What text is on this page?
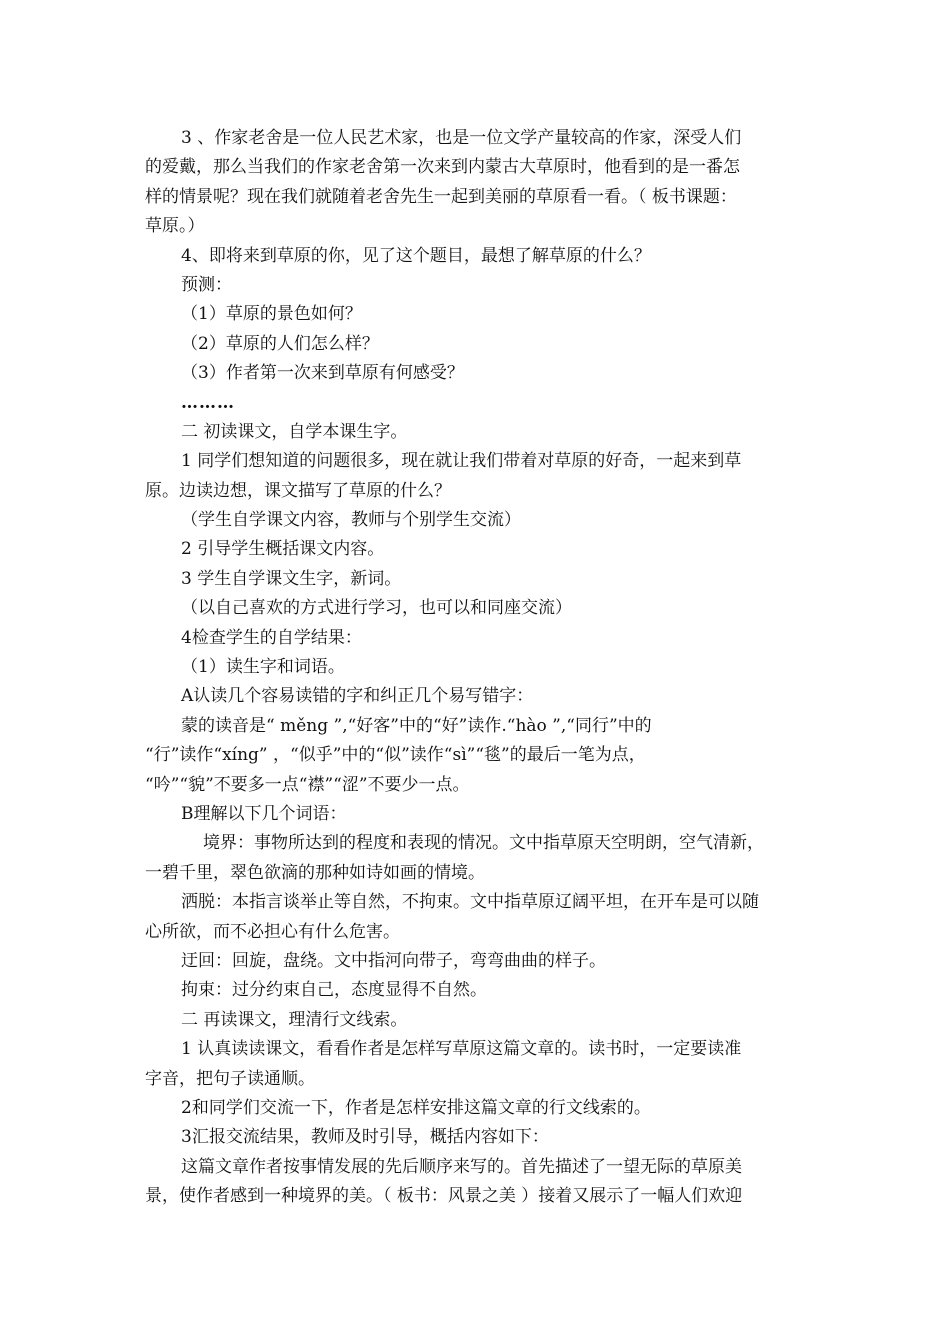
3 、作家老舍是一位人民艺术家，也是一位文学产量较高的作家，深受人们
的爱戴，那么当我们的作家老舍第一次来到内蒙古大草原时，他看到的是一番怎
样的情景呢？现在我们就随着老舍先生一起到美丽的草原看一看。（ 板书课题：
草原。）
4、即将来到草原的你，见了这个题目，最想了解草原的什么？
预测：
（1）草原的景色如何？
（2）草原的人们怎么样？
（3）作者第一次来到草原有何感受？
………
二 初读课文，自学本课生字。
1 同学们想知道的问题很多，现在就让我们带着对草原的好奇，一起来到草
原。边读边想，课文描写了草原的什么？
（学生自学课文内容，教师与个别学生交流）
2 引导学生概括课文内容。
3 学生自学课文生字，新词。
（以自己喜欢的方式进行学习，也可以和同座交流）
4检查学生的自学结果：
（1）读生字和词语。
A认读几个容易读错的字和纠正几个易写错字：
蒙的读音是“ měng ”,“好客”中的“好”读作.“hào ”,“同行”中的
“行”读作“xíng” ，“似乎”中的“似”读作“sì”“毯”的最后一笔为点，
“吟”“貌”不要多一点“襟”“涩”不要少一点。
B理解以下几个词语：
境界：事物所达到的程度和表现的情况。文中指草原天空明朗，空气清新，
一碧千里，翠色欲滴的那种如诗如画的情境。
洒脱：本指言谈举止等自然，不拘束。文中指草原辽阔平坦，在开车是可以随
心所欲，而不必担心有什么危害。
迂回：回旋，盘绕。文中指河向带子，弯弯曲曲的样子。
拘束：过分约束自己，态度显得不自然。
二 再读课文，理清行文线索。
1 认真读读课文，看看作者是怎样写草原这篇文章的。读书时，一定要读准
字音，把句子读通顺。
2和同学们交流一下，作者是怎样安排这篇文章的行文线索的。
3汇报交流结果，教师及时引导，概括内容如下：
这篇文章作者按事情发展的先后顺序来写的。首先描述了一望无际的草原美
景，使作者感到一种境界的美。（ 板书：风景之美 ）接着又展示了一幅人们欢迎
